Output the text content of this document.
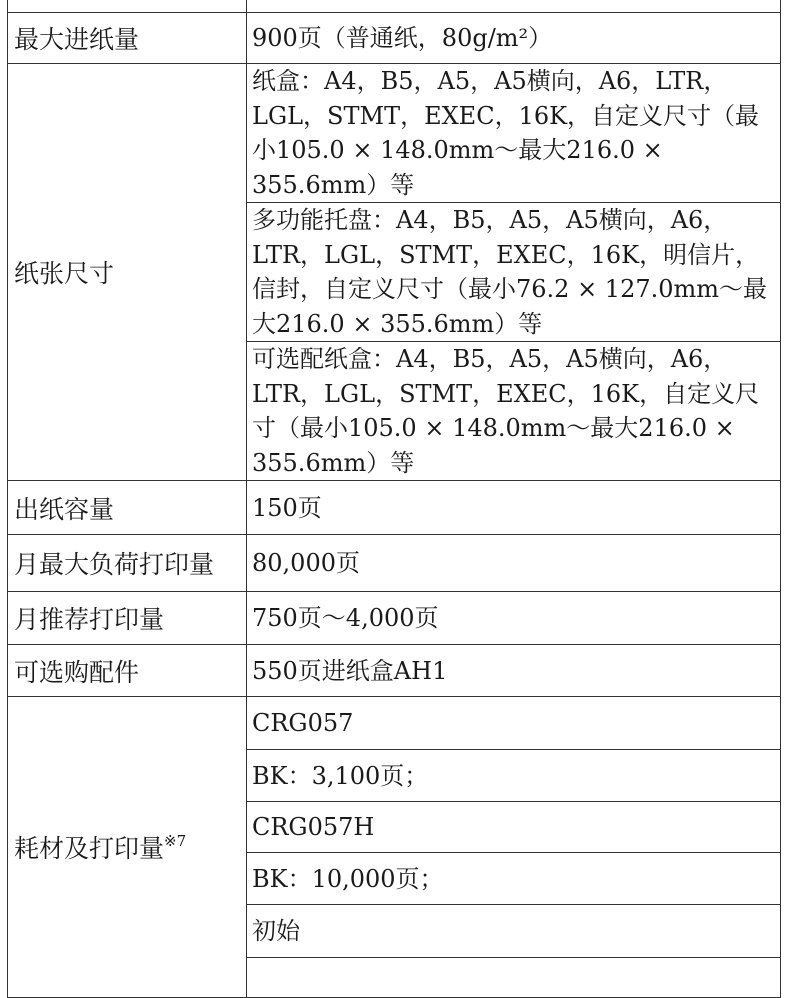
最大进纸量	900页（普通纸，80g/m²）
纸张尺寸	纸盒：A4，B5，A5，A5横向，A6，LTR，LGL，STMT，EXEC，16K，自定义尺寸（最小105.0 × 148.0mm～最大216.0 × 355.6mm）等
	多功能托盘：A4，B5，A5，A5横向，A6，LTR，LGL，STMT，EXEC，16K，明信片，信封，自定义尺寸（最小76.2 × 127.0mm～最大216.0 × 355.6mm）等
	可选配纸盒：A4，B5，A5，A5横向，A6，LTR，LGL，STMT，EXEC，16K，自定义尺寸（最小105.0 × 148.0mm～最大216.0 × 355.6mm）等
出纸容量	150页
月最大负荷打印量	80,000页
月推荐打印量	750页～4,000页
可选购配件	550页进纸盒AH1
耗材及打印量$^{※7}$	CRG057
	BK：3,100页；
	CRG057H
	BK：10,000页；
	初始
